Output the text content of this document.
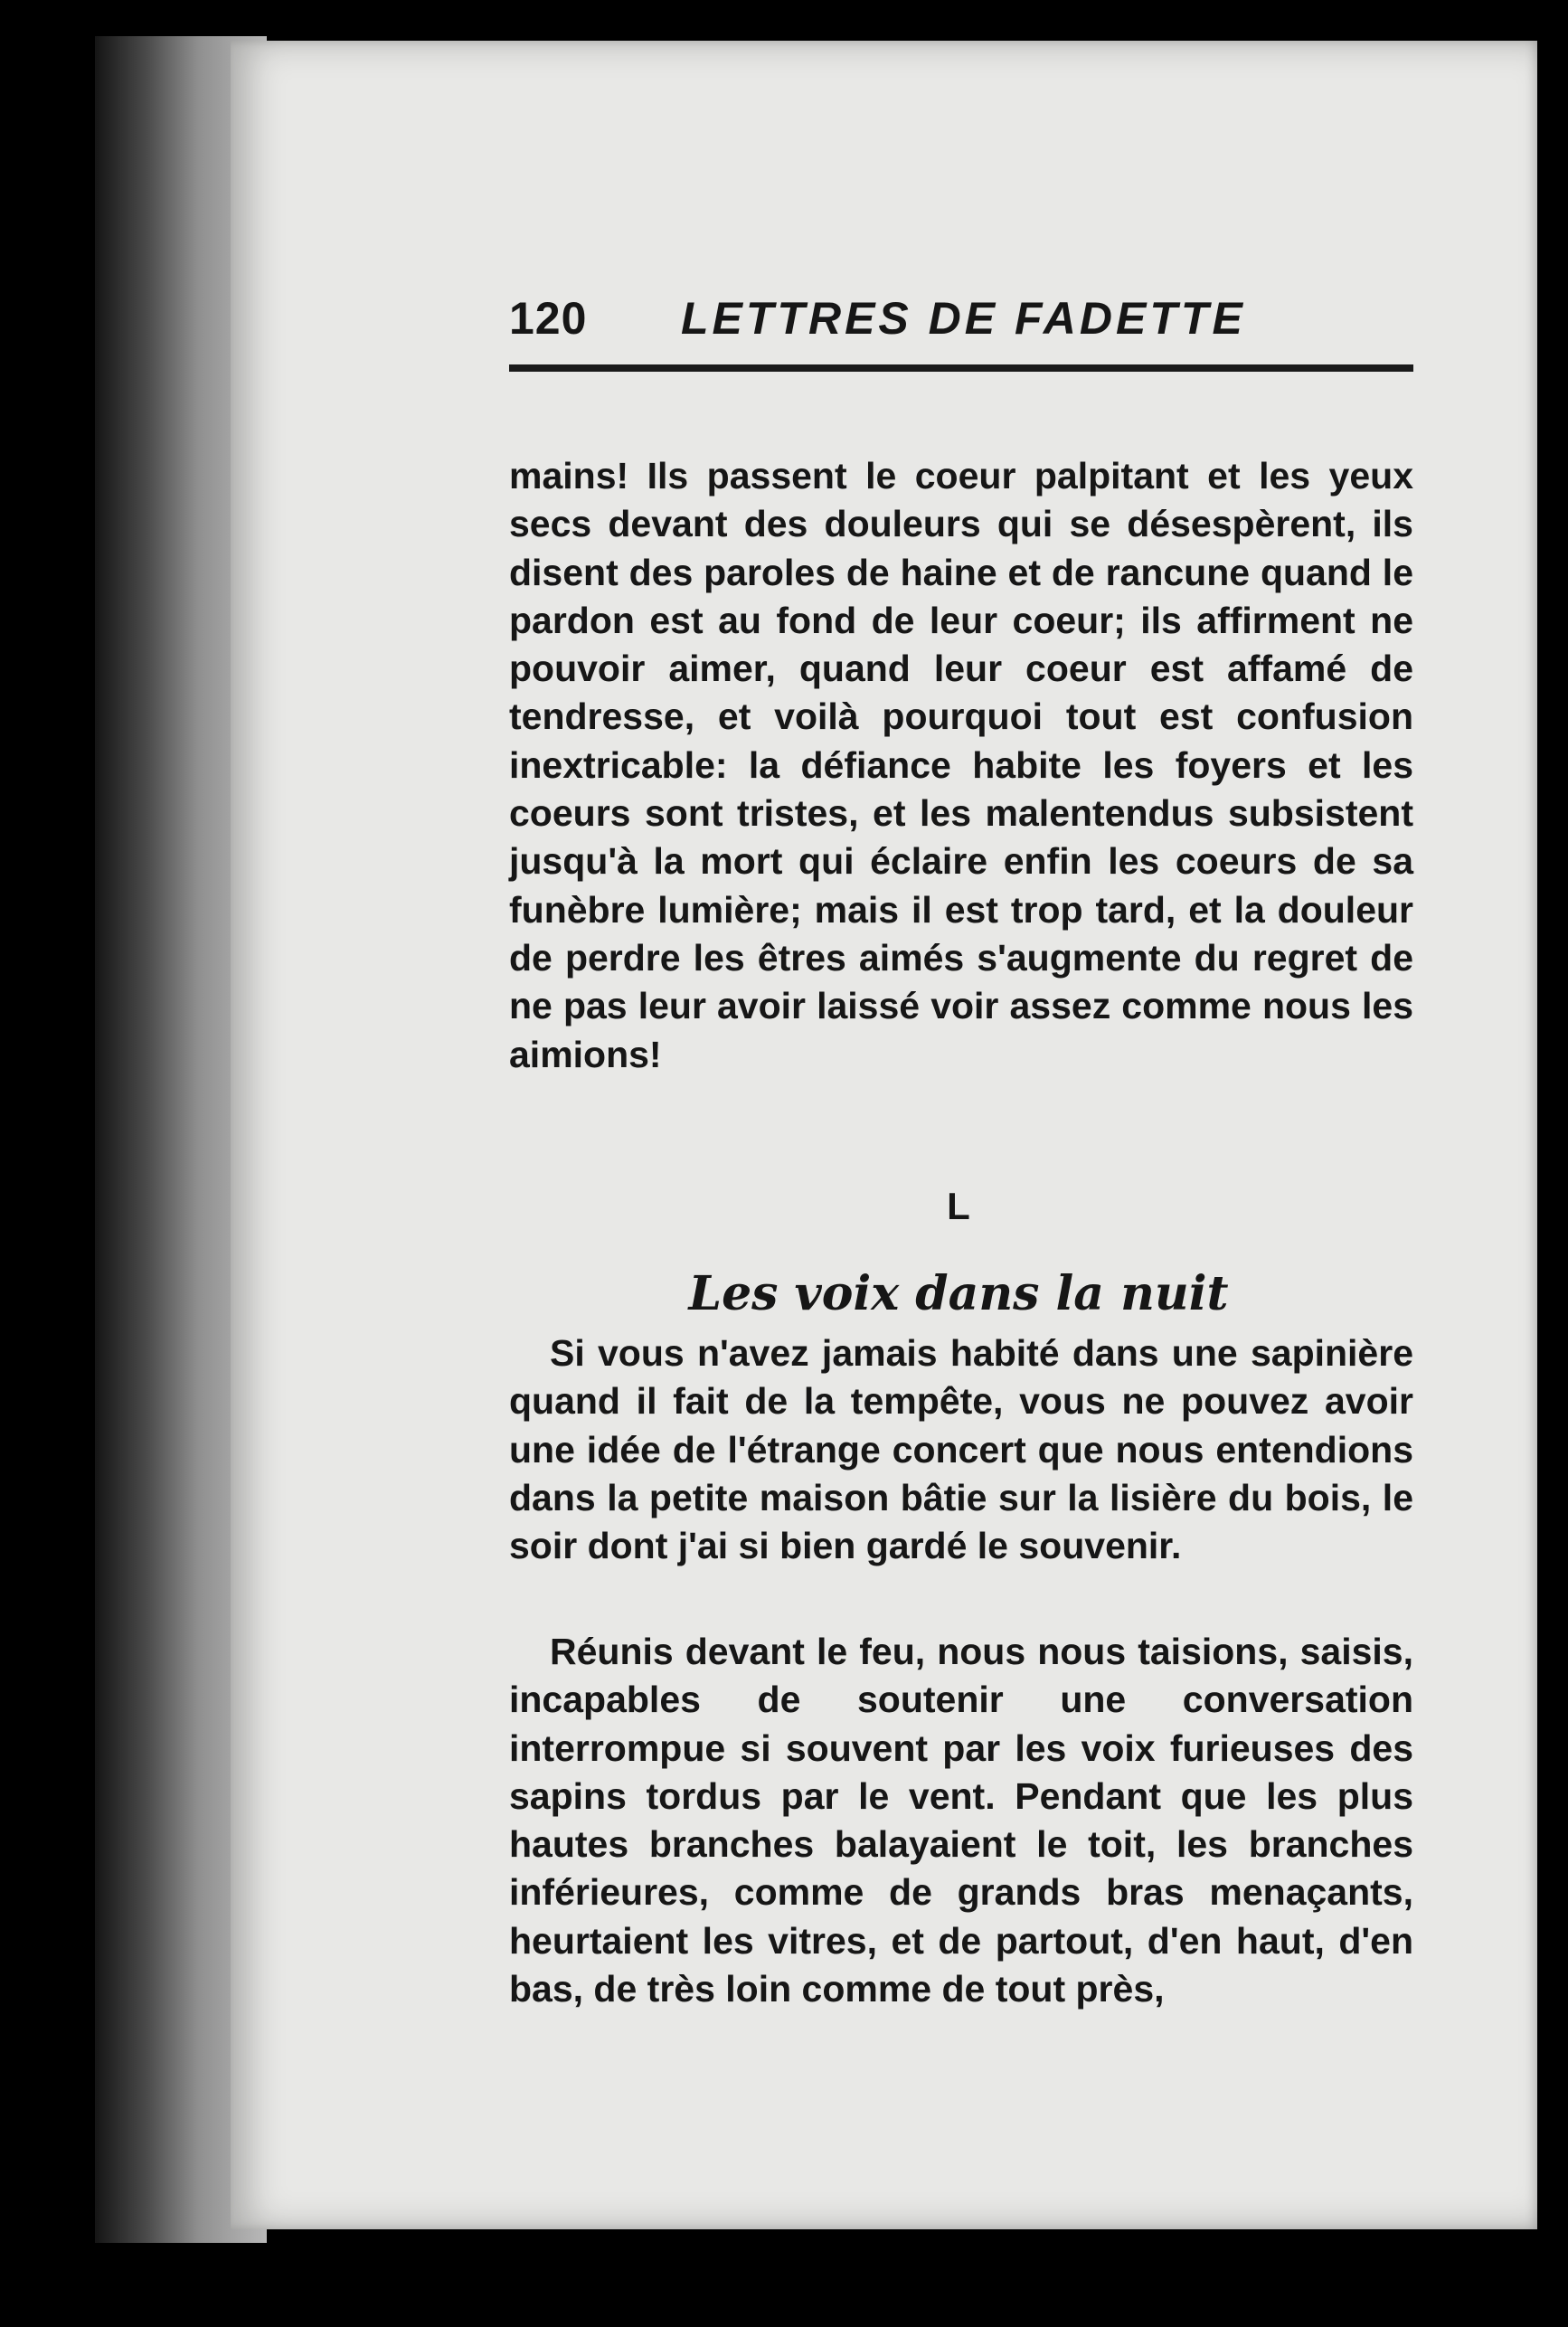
120 LETTRES DE FADETTE

mains! Ils passent le coeur palpitant et les yeux secs devant des douleurs qui se désespèrent, ils disent des paroles de haine et de rancune quand le pardon est au fond de leur coeur; ils affirment ne pouvoir aimer, quand leur coeur est affamé de tendresse, et voilà pourquoi tout est confusion inextricable: la défiance habite les foyers et les coeurs sont tristes, et les malentendus subsistent jusqu'à la mort qui éclaire enfin les coeurs de sa funèbre lumière; mais il est trop tard, et la douleur de perdre les êtres aimés s'augmente du regret de ne pas leur avoir laissé voir assez comme nous les aimions!

L
Les voix dans la nuit

Si vous n'avez jamais habité dans une sapinière quand il fait de la tempête, vous ne pouvez avoir une idée de l'étrange concert que nous entendions dans la petite maison bâtie sur la lisière du bois, le soir dont j'ai si bien gardé le souvenir.

Réunis devant le feu, nous nous taisions, saisis, incapables de soutenir une conversation interrompue si souvent par les voix furieuses des sapins tordus par le vent. Pendant que les plus hautes branches balayaient le toit, les branches inférieures, comme de grands bras menaçants, heurtaient les vitres, et de partout, d'en haut, d'en bas, de très loin comme de tout près,
